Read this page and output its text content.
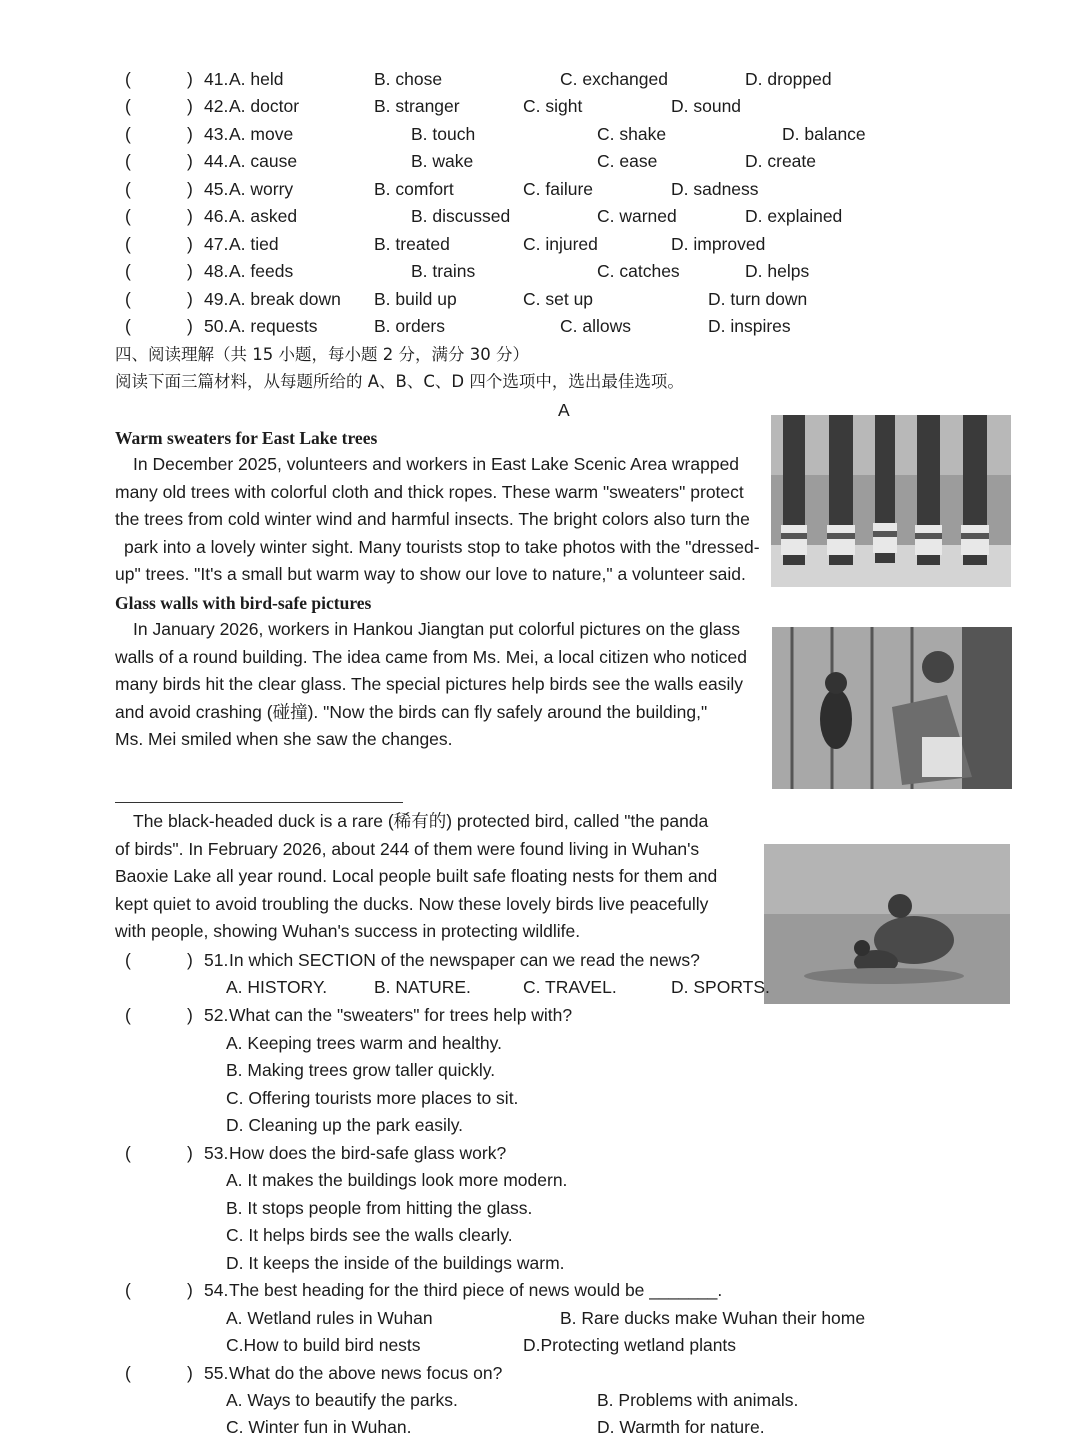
(	) 41. A. held	B. chose	C. exchanged	D. dropped
(	) 42. A. doctor	B. stranger	C. sight	D. sound
(	) 43. A. move	B. touch	C. shake	D. balance
(	) 44. A. cause	B. wake	C. ease	D. create
(	) 45. A. worry	B. comfort	C. failure	D. sadness
(	) 46. A. asked	B. discussed	C. warned	D. explained
(	) 47. A. tied	B. treated	C. injured	D. improved
(	) 48. A. feeds	B. trains	C. catches	D. helps
(	) 49. A. break down B. build up	C. set up	D. turn down
(	) 50. A. requests	B. orders	C. allows	D. inspires
四、阅读理解（共 15 小题，每小题 2 分，满分 30 分）
阅读下面三篇材料，从每题所给的 A、B、C、D 四个选项中，选出最佳选项。
A
Warm sweaters for East Lake trees
In December 2025, volunteers and workers in East Lake Scenic Area wrapped
many old trees with colorful cloth and thick ropes. These warm "sweaters" protect
the trees from cold winter wind and harmful insects. The bright colors also turn the
park into a lovely winter sight. Many tourists stop to take photos with the "dressed-
up" trees. "It's a small but warm way to show our love to nature," a volunteer said.
Glass walls with bird-safe pictures
In January 2026, workers in Hankou Jiangtan put colorful pictures on the glass
walls of a round building. The idea came from Ms. Mei, a local citizen who noticed
many birds hit the clear glass. The special pictures help birds see the walls easily
and avoid crashing (碰撞). "Now the birds can fly safely around the building,"
Ms. Mei smiled when she saw the changes.
The black-headed duck is a rare (稀有的) protected bird, called "the panda
of birds". In February 2026, about 244 of them were found living in Wuhan's
Baoxie Lake all year round. Local people built safe floating nests for them and
kept quiet to avoid troubling the ducks. Now these lovely birds live peacefully
with people, showing Wuhan's success in protecting wildlife.
(	) 51. In which SECTION of the newspaper can we read the news?
A. HISTORY.	B. NATURE.	C. TRAVEL.	D. SPORTS.
(	) 52. What can the "sweaters" for trees help with?
A. Keeping trees warm and healthy.
B. Making trees grow taller quickly.
C. Offering tourists more places to sit.
D. Cleaning up the park easily.
(	) 53. How does the bird-safe glass work?
A. It makes the buildings look more modern.
B. It stops people from hitting the glass.
C. It helps birds see the walls clearly.
D. It keeps the inside of the buildings warm.
(	) 54. The best heading for the third piece of news would be _______.
A. Wetland rules in Wuhan	B. Rare ducks make Wuhan their home
C.How to build bird nests	D.Protecting wetland plants
(	) 55. What do the above news focus on?
A. Ways to beautify the parks.	B. Problems with animals.
C. Winter fun in Wuhan.	D. Warmth for nature.
